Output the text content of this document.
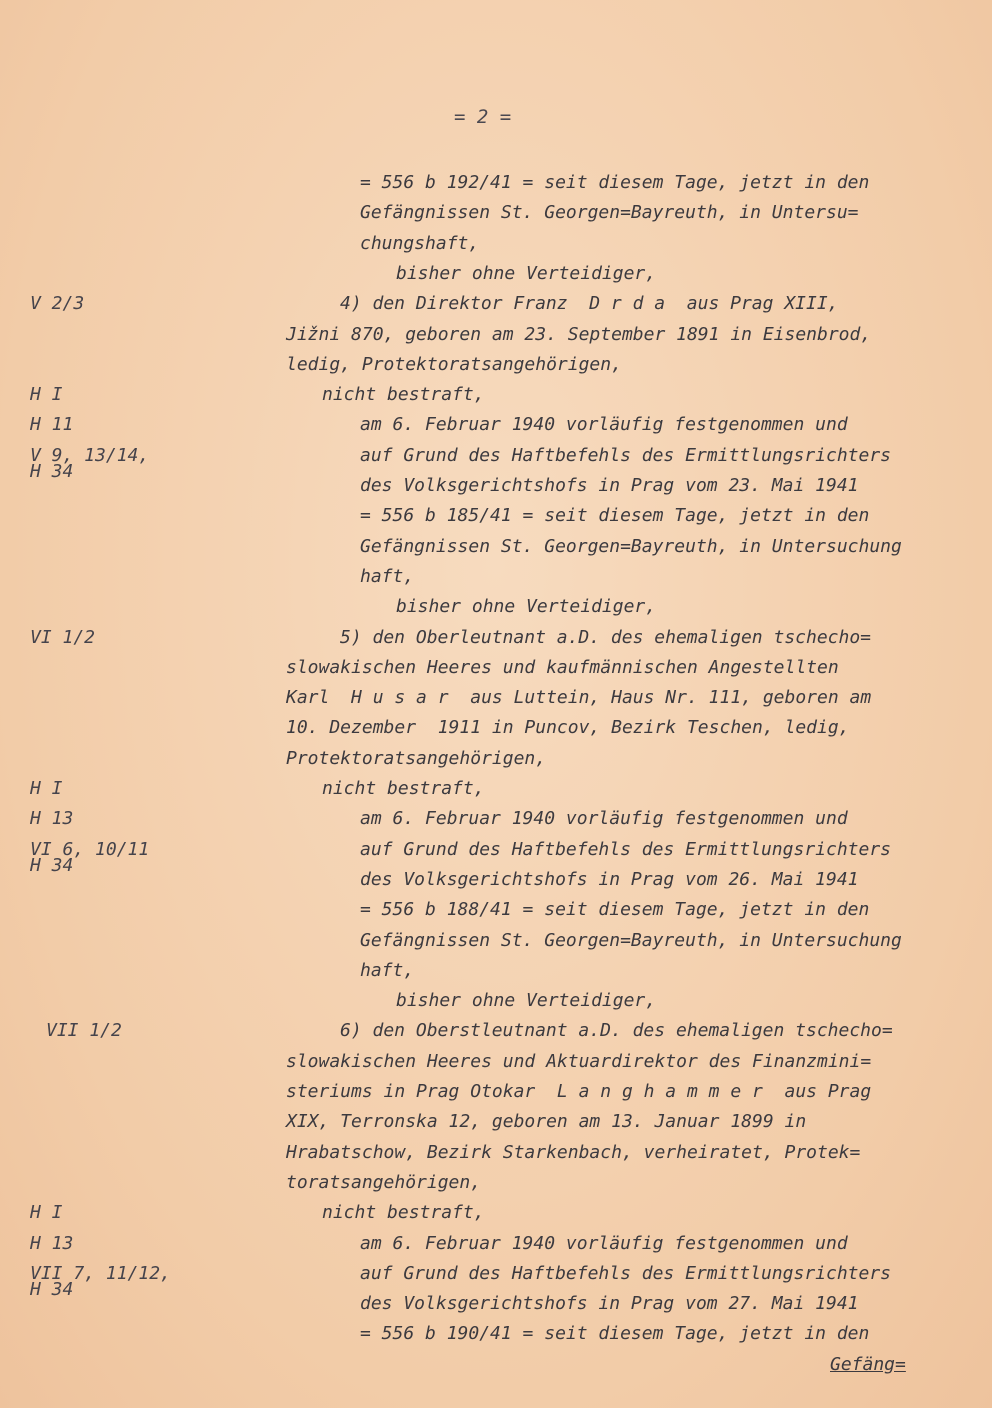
= 2 =
= 556 b 192/41 = seit diesem Tage, jetzt in den
Gefängnissen St. Georgen=Bayreuth, in Untersu=
chungshaft,
bisher ohne Verteidiger,
4) den Direktor Franz  D r d a  aus Prag XIII,
Jižni 870, geboren am 23. September 1891 in Eisenbrod,
ledig, Protektoratsangehörigen,
nicht bestraft,
am 6. Februar 1940 vorläufig festgenommen und
auf Grund des Haftbefehls des Ermittlungsrichters
des Volksgerichtshofs in Prag vom 23. Mai 1941
= 556 b 185/41 = seit diesem Tage, jetzt in den
Gefängnissen St. Georgen=Bayreuth, in Untersuchung
haft,
bisher ohne Verteidiger,
5) den Oberleutnant a.D. des ehemaligen tschecho=
slowakischen Heeres und kaufmännischen Angestellten
Karl  H u s a r  aus Luttein, Haus Nr. 111, geboren am
10. Dezember  1911 in Puncov, Bezirk Teschen, ledig,
Protektoratsangehörigen,
nicht bestraft,
am 6. Februar 1940 vorläufig festgenommen und
auf Grund des Haftbefehls des Ermittlungsrichters
des Volksgerichtshofs in Prag vom 26. Mai 1941
= 556 b 188/41 = seit diesem Tage, jetzt in den
Gefängnissen St. Georgen=Bayreuth, in Untersuchung
haft,
bisher ohne Verteidiger,
6) den Oberstleutnant a.D. des ehemaligen tschecho=
slowakischen Heeres und Aktuardirektor des Finanzmini=
steriums in Prag Otokar  L a n g h a m m e r  aus Prag
XIX, Terronska 12, geboren am 13. Januar 1899 in
Hrabatschow, Bezirk Starkenbach, verheiratet, Protek=
toratsangehörigen,
nicht bestraft,
am 6. Februar 1940 vorläufig festgenommen und
auf Grund des Haftbefehls des Ermittlungsrichters
des Volksgerichtshofs in Prag vom 27. Mai 1941
= 556 b 190/41 = seit diesem Tage, jetzt in den
Gefäng=
V 2/3
H I
H 11
V 9, 13/14,
H 34
VI 1/2
H I
H 13
VI 6, 10/11
H 34
VII 1/2
H I
H 13
VII 7, 11/12,
H 34
